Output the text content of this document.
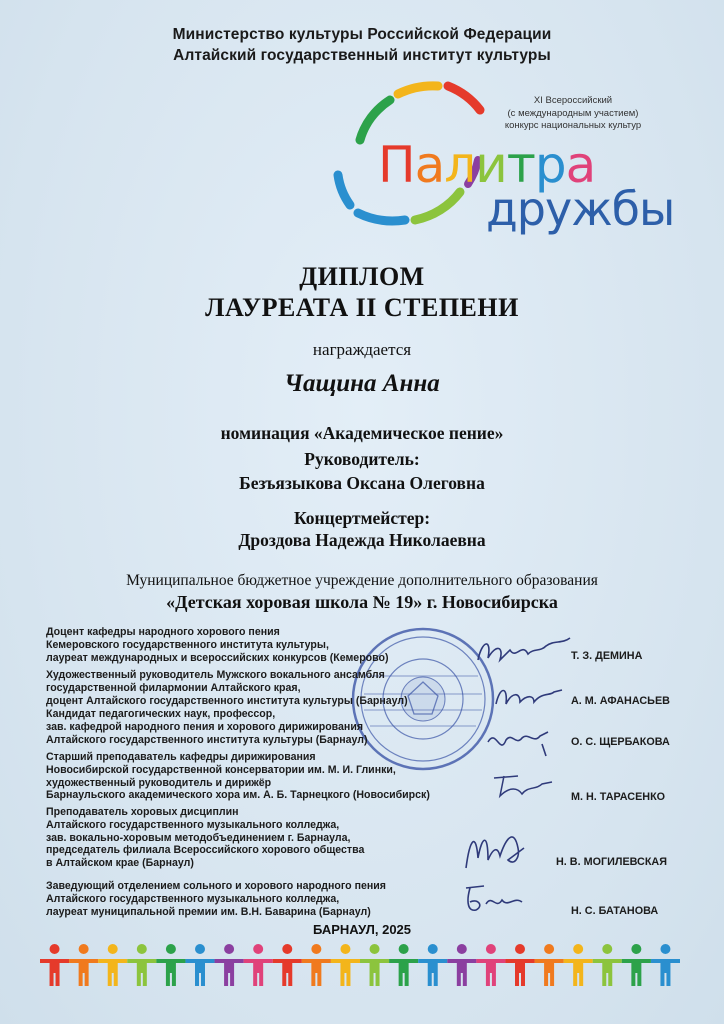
Министерство культуры Российской Федерации
Алтайский государственный институт культуры
XI Всероссийский
(с международным участием)
конкурс национальных культур
Палитра
дружбы
ДИПЛОМ
ЛАУРЕАТА II СТЕПЕНИ
награждается
Чащина Анна
номинация «Академическое пение»
Руководитель:
Безъязыкова Оксана Олеговна
Концертмейстер:
Дроздова Надежда Николаевна
Муниципальное бюджетное учреждение дополнительного образования
«Детская хоровая школа № 19» г. Новосибирска
Доцент кафедры народного хорового пения
Кемеровского государственного института культуры,
лауреат международных и всероссийских конкурсов (Кемерово)	Т. З. ДЕМИНА
Художественный руководитель Мужского вокального ансамбля
государственной филармонии Алтайского края,
доцент Алтайского государственного института культуры (Барнаул)	А. М. АФАНАСЬЕВ
Кандидат педагогических наук, профессор,
зав. кафедрой народного пения и хорового дирижирования
Алтайского государственного института культуры (Барнаул)	О. С. ЩЕРБАКОВА
Старший преподаватель кафедры дирижирования
Новосибирской государственной консерватории им. М. И. Глинки,
художественный руководитель и дирижёр
Барнаульского академического хора им. А. Б. Тарнецкого (Новосибирск)	М. Н. ТАРАСЕНКО
Преподаватель хоровых дисциплин
Алтайского государственного музыкального колледжа,
зав. вокально-хоровым методобъединением г. Барнаула,
председатель филиала Всероссийского хорового общества
в Алтайском крае (Барнаул)	Н. В. МОГИЛЕВСКАЯ
Заведующий отделением сольного и хорового народного пения
Алтайского государственного музыкального колледжа,
лауреат муниципальной премии им. В.Н. Баварина (Барнаул)	Н. С. БАТАНОВА
БАРНАУЛ, 2025
